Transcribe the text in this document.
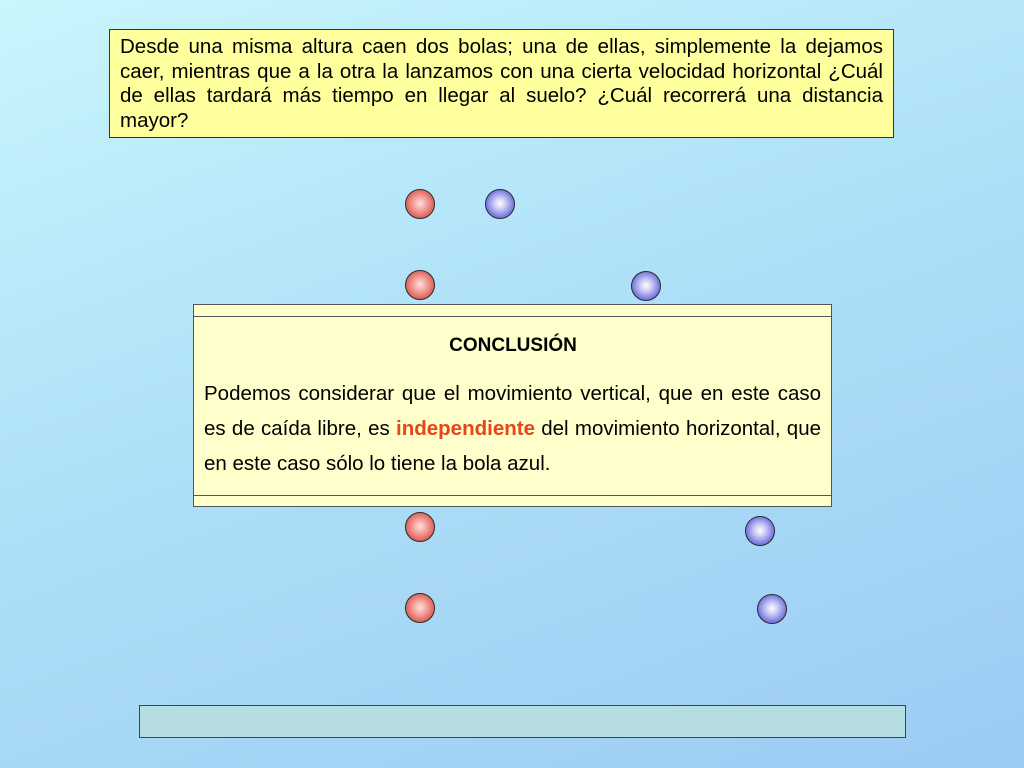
Desde una misma altura caen dos bolas; una de ellas, simplemente la dejamos caer, mientras que a la otra la lanzamos con una cierta velocidad horizontal ¿Cuál de ellas tardará más tiempo en llegar al suelo? ¿Cuál recorrerá una distancia mayor?
CONCLUSIÓN
Podemos considerar que el movimiento vertical, que en este caso es de caída libre, es independiente del movimiento horizontal, que en este caso sólo lo tiene la bola azul.
